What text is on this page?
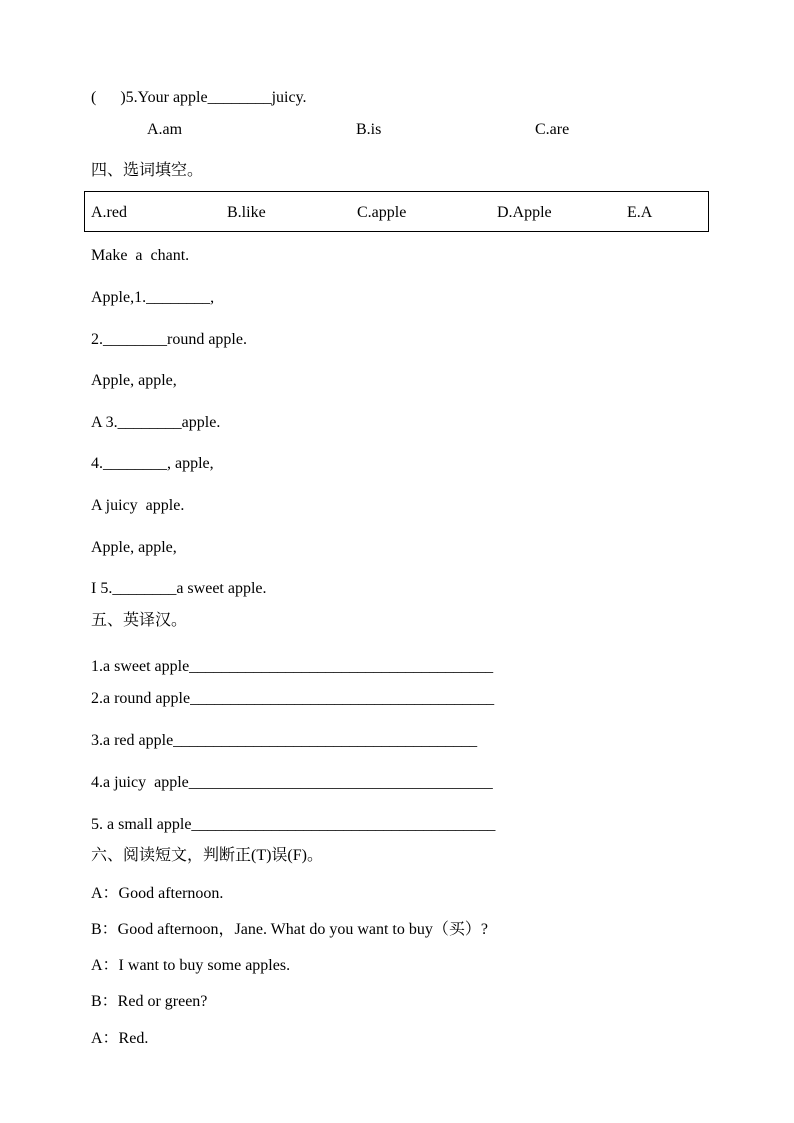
(      )5.Your apple________juicy.
A.am	B.is	C.are
四、选词填空。
A.red	B.like	C.apple	D.Apple	E.A
Make  a  chant.
Apple,1.________,
2.________round apple.
Apple, apple,
A 3.________apple.
4.________, apple,
A juicy  apple.
Apple, apple,
I 5.________a sweet apple.
五、英译汉。
1.a sweet apple______________________________________
2.a round apple______________________________________
3.a red apple______________________________________
4.a juicy  apple______________________________________
5. a small apple______________________________________
六、阅读短文，判断正(T)误(F)。
A：Good afternoon.
B：Good afternoon，Jane. What do you want to buy（买）?
A：I want to buy some apples.
B：Red or green?
A：Red.
